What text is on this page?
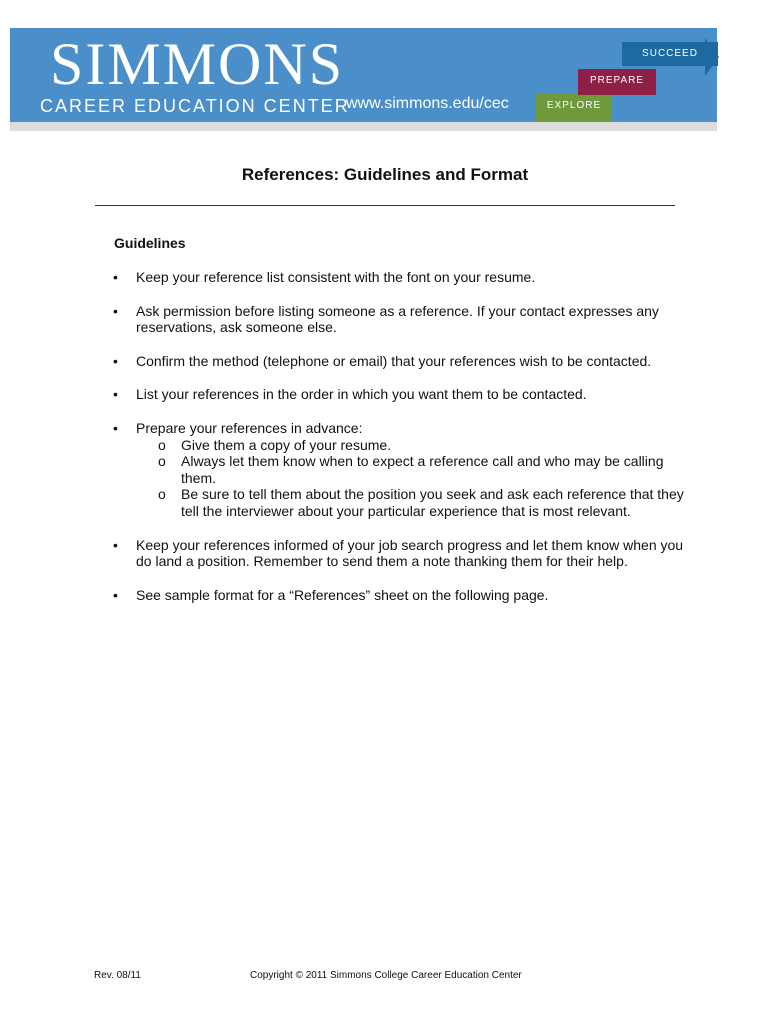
SIMMONS
CAREER EDUCATION CENTER
www.simmons.edu/cec	EXPLORE
PREPARE
SUCCEED
References: Guidelines and Format
Guidelines
• Keep your reference list consistent with the font on your resume.
• Ask permission before listing someone as a reference. If your contact expresses any reservations, ask someone else.
• Confirm the method (telephone or email) that your references wish to be contacted.
• List your references in the order in which you want them to be contacted.
• Prepare your references in advance:
o Give them a copy of your resume.
o Always let them know when to expect a reference call and who may be calling them.
o Be sure to tell them about the position you seek and ask each reference that they tell the interviewer about your particular experience that is most relevant.
• Keep your references informed of your job search progress and let them know when you do land a position. Remember to send them a note thanking them for their help.
• See sample format for a “References” sheet on the following page.
Rev. 08/11	Copyright © 2011 Simmons College Career Education Center
